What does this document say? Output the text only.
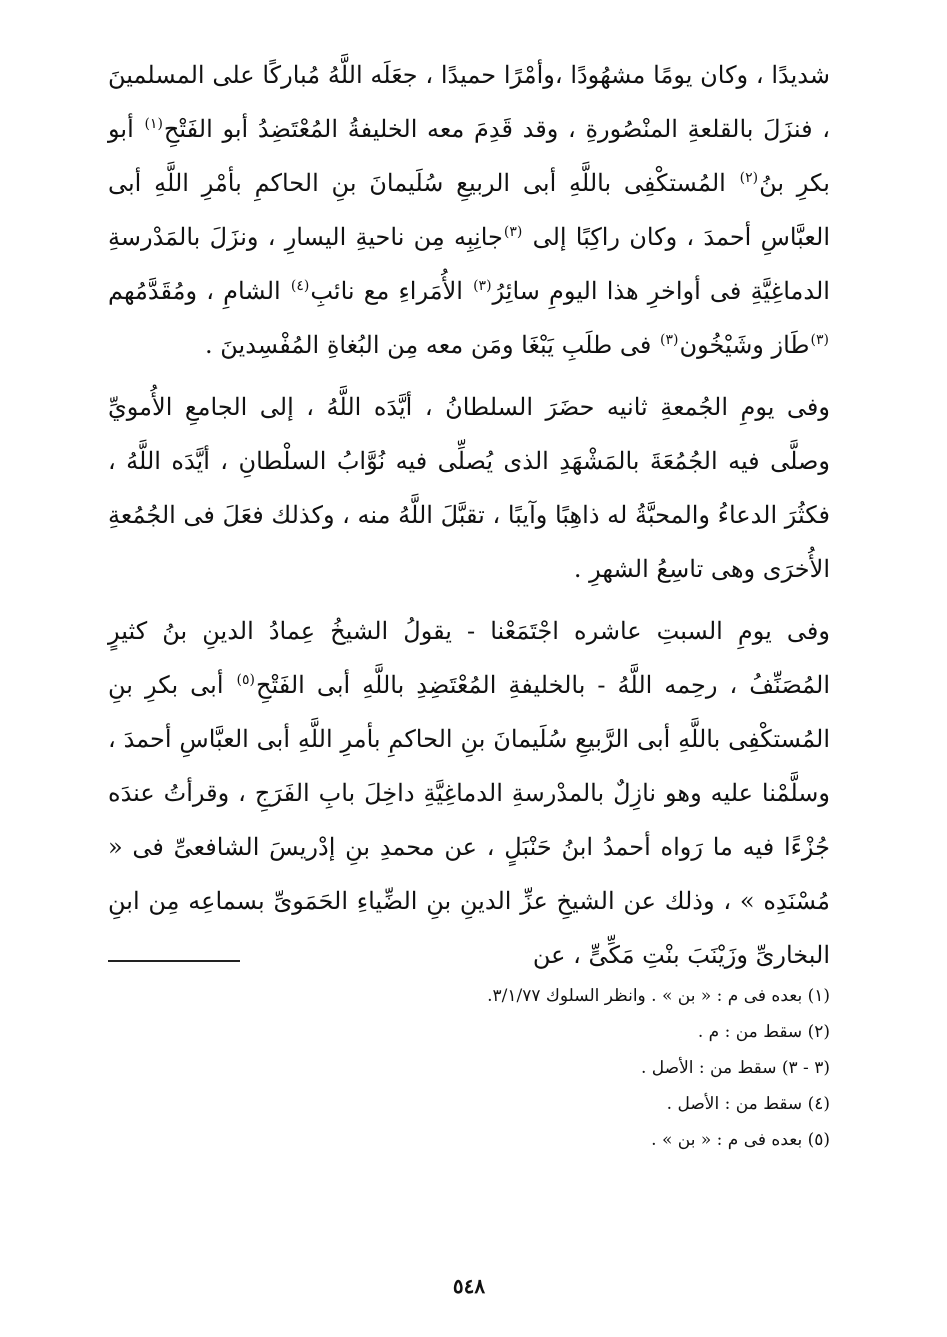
شديدًا ، وكان يومًا مشهُودًا ،وأمْرًا حميدًا ، جعَلَه اللَّهُ مُباركًا على المسلمينَ ، فنزَلَ بالقلعةِ المنْصُورةِ ، وقد قَدِمَ معه الخليفةُ المُعْتَضِدُ أبو الفَتْحِ$^{(١)}$ أبو بكرِ بنُ$^{(٢)}$ المُستكْفِى باللَّهِ أبى الربيعِ سُلَيمانَ بنِ الحاكمِ بأمْرِ اللَّهِ أبى العبَّاسِ أحمدَ ، وكان راكِبًا إلى $^{(٣)}$جانِبِه مِن ناحيةِ اليسارِ ، ونزَلَ بالمَدْرسةِ الدماغِيَّةِ فى أواخرِ هذا اليومِ سائِرُ$^{(٣)}$ الأُمَراءِ مع نائبِ$^{(٤)}$ الشامِ ، ومُقَدَّمُهم $^{(٣)}$طَاز وشَيْخُون$^{(٣)}$ فى طلَبِ يَبْغَا ومَن معه مِن البُغاةِ المُفْسِدينَ .

وفى يومِ الجُمعةِ ثانيه حضَرَ السلطانُ ، أيَّدَه اللَّهُ ، إلى الجامعِ الأُمويِّ وصلَّى فيه الجُمُعَةَ بالمَشْهَدِ الذى يُصلِّى فيه نُوَّابُ السلْطانِ ، أيَّدَه اللَّهُ ، فكثُرَ الدعاءُ والمحبَّةُ له ذاهِبًا وآيبًا ، تقبَّلَ اللَّهُ منه ، وكذلك فعَلَ فى الجُمُعةِ الأُخرَى وهى تاسِعُ الشهرِ .

وفى يومِ السبتِ عاشره اجْتَمَعْنا - يقولُ الشيخُ عِمادُ الدينِ بنُ كثيرٍ المُصَنِّفُ ، رحِمه اللَّهُ - بالخليفةِ المُعْتَضِدِ باللَّهِ أبى الفَتْحِ$^{(٥)}$ أبى بكرِ بنِ المُستكْفِى باللَّهِ أبى الرَّبيعِ سُلَيمانَ بنِ الحاكمِ بأمرِ اللَّهِ أبى العبَّاسِ أحمدَ ، وسلَّمْنا عليه وهو نازِلٌ بالمدْرسةِ الدماغِيَّةِ داخِلَ بابِ الفَرَجِ ، وقرأتُ عندَه جُزْءًا فيه ما رَواه أحمدُ ابنُ حَنْبَلٍ ، عن محمدِ بنِ إدْريسَ الشافعىِّ فى « مُسْنَدِه » ، وذلك عن الشيخِ عزِّ الدينِ بنِ الضِّياءِ الحَمَوىِّ بسماعِه مِن ابنِ البخارىِّ وزَيْنَبَ بنْتِ مَكِّىٍّ ، عن

(١) بعده فى م : « بن » . وانظر السلوك ٣/١/٧٧.
(٢) سقط من : م .
(٣ - ٣) سقط من : الأصل .
(٤) سقط من : الأصل .
(٥) بعده فى م : « بن » .
٥٤٨
